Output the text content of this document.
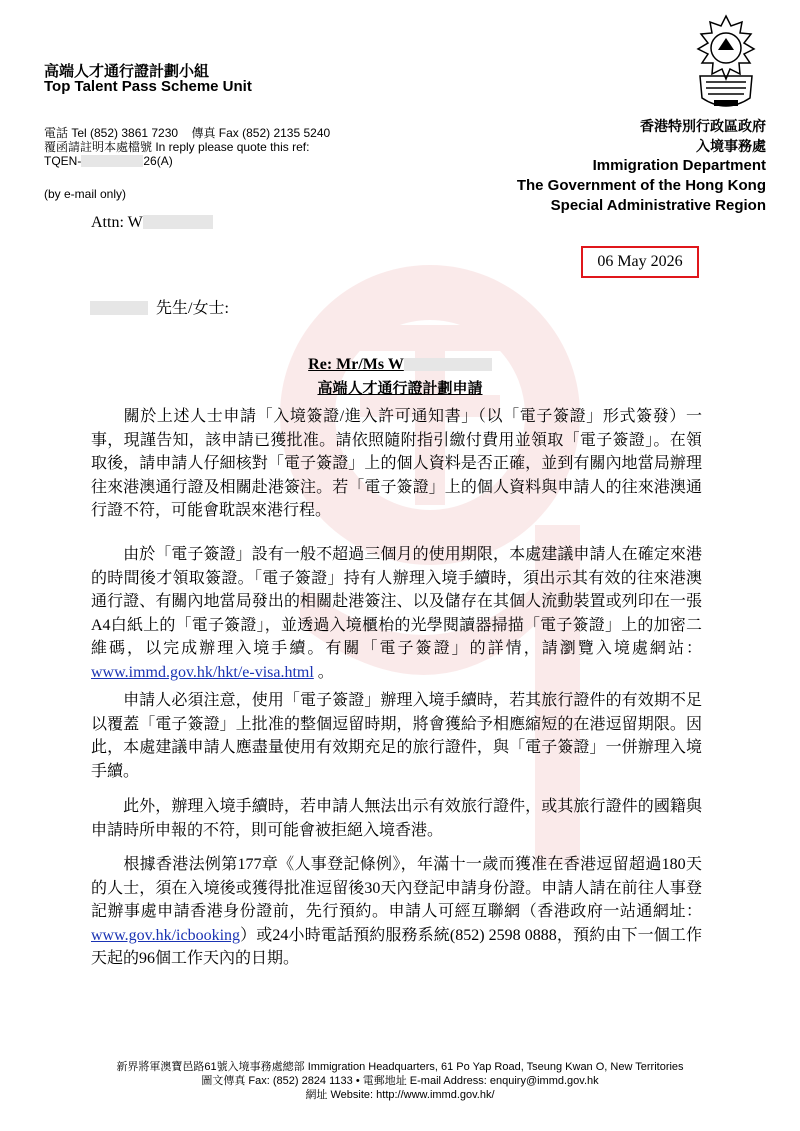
高端人才通行證計劃小組
Top Talent Pass Scheme Unit
電話 Tel (852) 3861 7230 傳真 Fax (852) 2135 5240
覆函請註明本處檔號 In reply please quote this ref:
TQEN-	26(A)
(by e-mail only)
香港特別行政區政府
入境事務處
Immigration Department
The Government of the Hong Kong
Special Administrative Region
Attn: W
06 May 2026
先生/女士:
Re: Mr/Ms W
高端人才通行證計劃申請

關於上述人士申請「入境簽證/進入許可通知書」（以「電子簽證」形式簽發）一事，現謹告知，該申請已獲批准。請依照隨附指引繳付費用並領取「電子簽證」。在領取後，請申請人仔細核對「電子簽證」上的個人資料是否正確，並到有關內地當局辦理往來港澳通行證及相關赴港簽注。若「電子簽證」上的個人資料與申請人的往來港澳通行證不符，可能會耽誤來港行程。

由於「電子簽證」設有一般不超過三個月的使用期限，本處建議申請人在確定來港的時間後才領取簽證。「電子簽證」持有人辦理入境手續時，須出示其有效的往來港澳通行證、有關內地當局發出的相關赴港簽注、以及儲存在其個人流動裝置或列印在一張A4白紙上的「電子簽證」，並透過入境櫃枱的光學閱讀器掃描「電子簽證」上的加密二維碼，以完成辦理入境手續。有關「電子簽證」的詳情，請瀏覽入境處網站：www.immd.gov.hk/hkt/e-visa.html 。

申請人必須注意，使用「電子簽證」辦理入境手續時，若其旅行證件的有效期不足以覆蓋「電子簽證」上批准的整個逗留時期，將會獲給予相應縮短的在港逗留期限。因此，本處建議申請人應盡量使用有效期充足的旅行證件，與「電子簽證」一併辦理入境手續。

此外，辦理入境手續時，若申請人無法出示有效旅行證件，或其旅行證件的國籍與申請時所申報的不符，則可能會被拒絕入境香港。

根據香港法例第177章《人事登記條例》，年滿十一歲而獲准在香港逗留超過180天的人士，須在入境後或獲得批准逗留後30天內登記申請身份證。申請人請在前往人事登記辦事處申請香港身份證前，先行預約。申請人可經互聯網（香港政府一站通網址：www.gov.hk/icbooking）或24小時電話預約服務系統(852) 2598 0888，預約由下一個工作天起的96個工作天內的日期。

新界將軍澳寶邑路61號入境事務處總部 Immigration Headquarters, 61 Po Yap Road, Tseung Kwan O, New Territories
圖文傳真 Fax: (852) 2824 1133 • 電郵地址 E-mail Address: enquiry@immd.gov.hk
網址 Website: http://www.immd.gov.hk/
